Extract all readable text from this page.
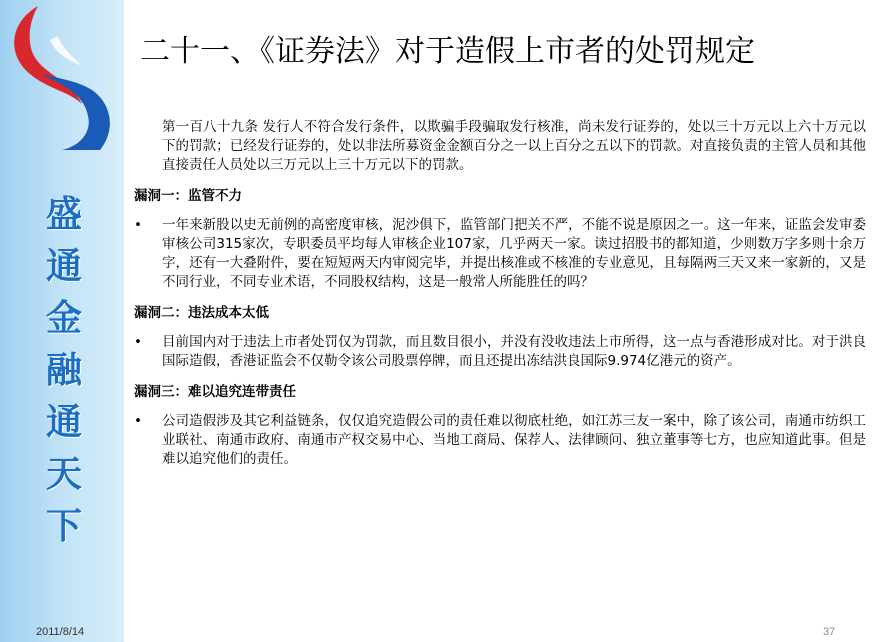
盛
通
金
融
通
天
下
2011/8/14	37
二十一、《证券法》对于造假上市者的处罚规定

第一百八十九条 发行人不符合发行条件，以欺骗手段骗取发行核准，尚未发行证券的，处以三十万元以上六十万元以下的罚款；已经发行证券的，处以非法所募资金金额百分之一以上百分之五以下的罚款。对直接负责的主管人员和其他直接责任人员处以三万元以上三十万元以下的罚款。

漏洞一：监管不力

•	一年来新股以史无前例的高密度审核，泥沙俱下，监管部门把关不严，不能不说是原因之一。这一年来，证监会发审委审核公司315家次，专职委员平均每人审核企业107家，几乎两天一家。读过招股书的都知道，少则数万字多则十余万字，还有一大叠附件，要在短短两天内审阅完毕，并提出核准或不核准的专业意见，且每隔两三天又来一家新的，又是不同行业，不同专业术语，不同股权结构，这是一般常人所能胜任的吗？

漏洞二：违法成本太低

•	目前国内对于违法上市者处罚仅为罚款，而且数目很小，并没有没收违法上市所得，这一点与香港形成对比。对于洪良国际造假，香港证监会不仅勒令该公司股票停牌，而且还提出冻结洪良国际9.974亿港元的资产。

漏洞三：难以追究连带责任

•	公司造假涉及其它利益链条，仅仅追究造假公司的责任难以彻底杜绝，如江苏三友一案中，除了该公司，南通市纺织工业联社、南通市政府、南通市产权交易中心、当地工商局、保荐人、法律顾问、独立董事等七方，也应知道此事。但是难以追究他们的责任。
